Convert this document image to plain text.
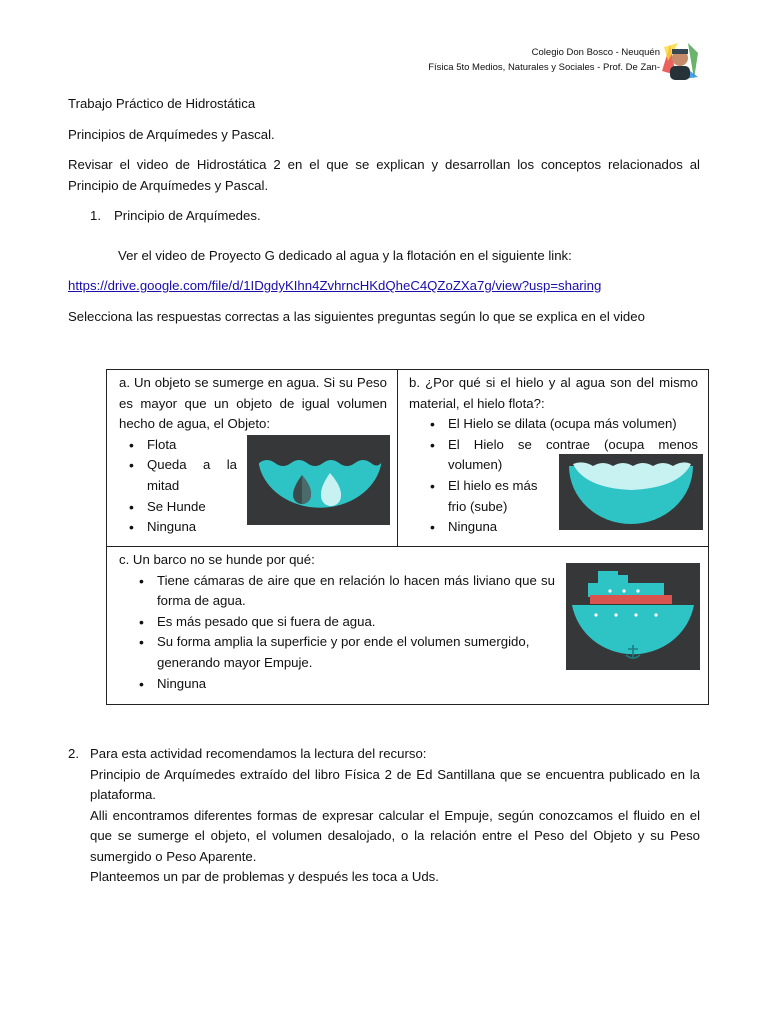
Colegio Don Bosco - Neuquén
Física 5to Medios, Naturales y Sociales - Prof. De Zan-

Trabajo Práctico de Hidrostática

Principios de Arquímedes y Pascal.

Revisar el video de Hidrostática 2 en el que se explican y desarrollan los conceptos relacionados al Principio de Arquímedes y Pascal.

1. Principio de Arquímedes.

Ver el video de Proyecto G dedicado al agua y la flotación en el siguiente link:

https://drive.google.com/file/d/1IDgdyKIhn4ZvhrncHKdQheC4QZoZXa7g/view?usp=sharing

Selecciona las respuestas correctas a las siguientes preguntas según lo que se explica en el video

a. Un objeto se sumerge en agua. Si su Peso es mayor que un objeto de igual volumen hecho de agua, el Objeto:
• Flota
• Queda a la mitad
• Se Hunde
• Ninguna
b. ¿Por qué si el hielo y al agua son del mismo material, el hielo flota?:
• El Hielo se dilata (ocupa más volumen)
• El Hielo se contrae (ocupa menos volumen)
• El hielo es más frio (sube)
• Ninguna
c. Un barco no se hunde por qué:
• Tiene cámaras de aire que en relación lo hacen más liviano que su forma de agua.
• Es más pesado que si fuera de agua.
• Su forma amplia la superficie y por ende el volumen sumergido, generando mayor Empuje.
• Ninguna

2. Para esta actividad recomendamos la lectura del recurso:

Principio de Arquímedes extraído del libro Física 2 de Ed Santillana que se encuentra publicado en la plataforma.

Alli encontramos diferentes formas de expresar calcular el Empuje, según conozcamos el fluido en el que se sumerge el objeto, el volumen desalojado, o la relación entre el Peso del Objeto y su Peso sumergido o Peso Aparente.

Planteemos un par de problemas y después les toca a Uds.
